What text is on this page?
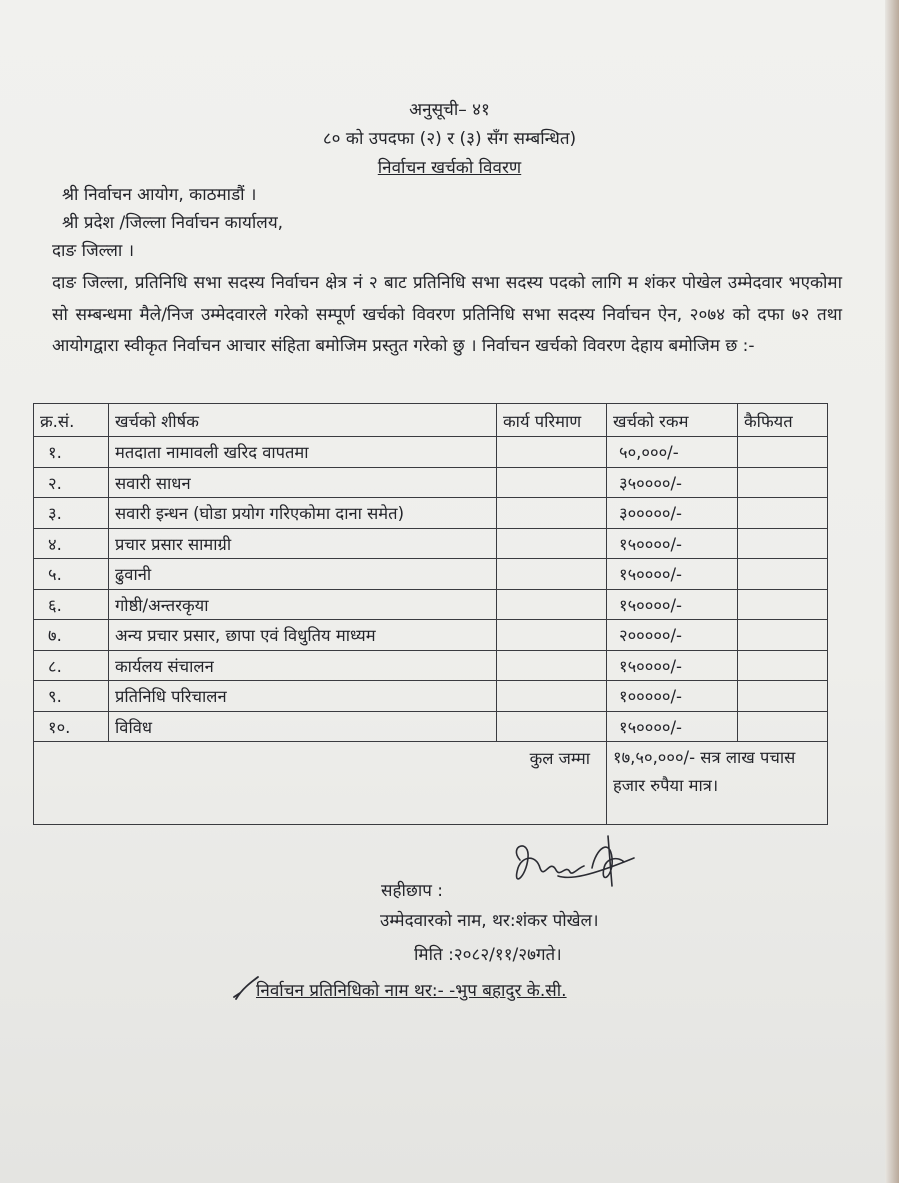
अनुसूची– ४१
८० को उपदफा (२) र (३) सँग सम्बन्धित)
निर्वाचन खर्चको विवरण
श्री निर्वाचन आयोग, काठमाडौं ।
श्री प्रदेश /जिल्ला निर्वाचन कार्यालय,
दाङ जिल्ला ।
दाङ जिल्ला, प्रतिनिधि सभा सदस्य निर्वाचन क्षेत्र नं २ बाट प्रतिनिधि सभा सदस्य पदको लागि म शंकर पोखेल उम्मेदवार भएकोमा सो सम्बन्धमा मैले/निज उम्मेदवारले गरेको सम्पूर्ण खर्चको विवरण प्रतिनिधि सभा सदस्य निर्वाचन ऐन, २०७४ को दफा ७२ तथा आयोगद्वारा स्वीकृत निर्वाचन आचार संहिता बमोजिम प्रस्तुत गरेको छु । निर्वाचन खर्चको विवरण देहाय बमोजिम छ :-
क्र.सं.	खर्चको शीर्षक	कार्य परिमाण	खर्चको रकम	कैफियत
१.	मतदाता नामावली खरिद वापतमा		५०,०००/-	
२.	सवारी साधन		३५००००/-	
३.	सवारी इन्धन (घोडा प्रयोग गरिएकोमा दाना समेत)		३०००००/-	
४.	प्रचार प्रसार सामाग्री		१५००००/-	
५.	ढुवानी		१५००००/-	
६.	गोष्ठी/अन्तरकृया		१५००००/-	
७.	अन्य प्रचार प्रसार, छापा एवं विधुतिय माध्यम		२०००००/-	
८.	कार्यलय संचालन		१५००००/-	
९.	प्रतिनिधि परिचालन		१०००००/-	
१०.	विविध		१५००००/-	
कुल जम्मा			१७,५०,०००/- सत्र लाख पचास हजार रुपैया मात्र।	
सहीछाप :
उम्मेदवारको नाम, थर:शंकर पोखेल।
मिति :२०८२/११/२७गते।
निर्वाचन प्रतिनिधिको नाम थर:- -भुप बहादुर के.सी.
